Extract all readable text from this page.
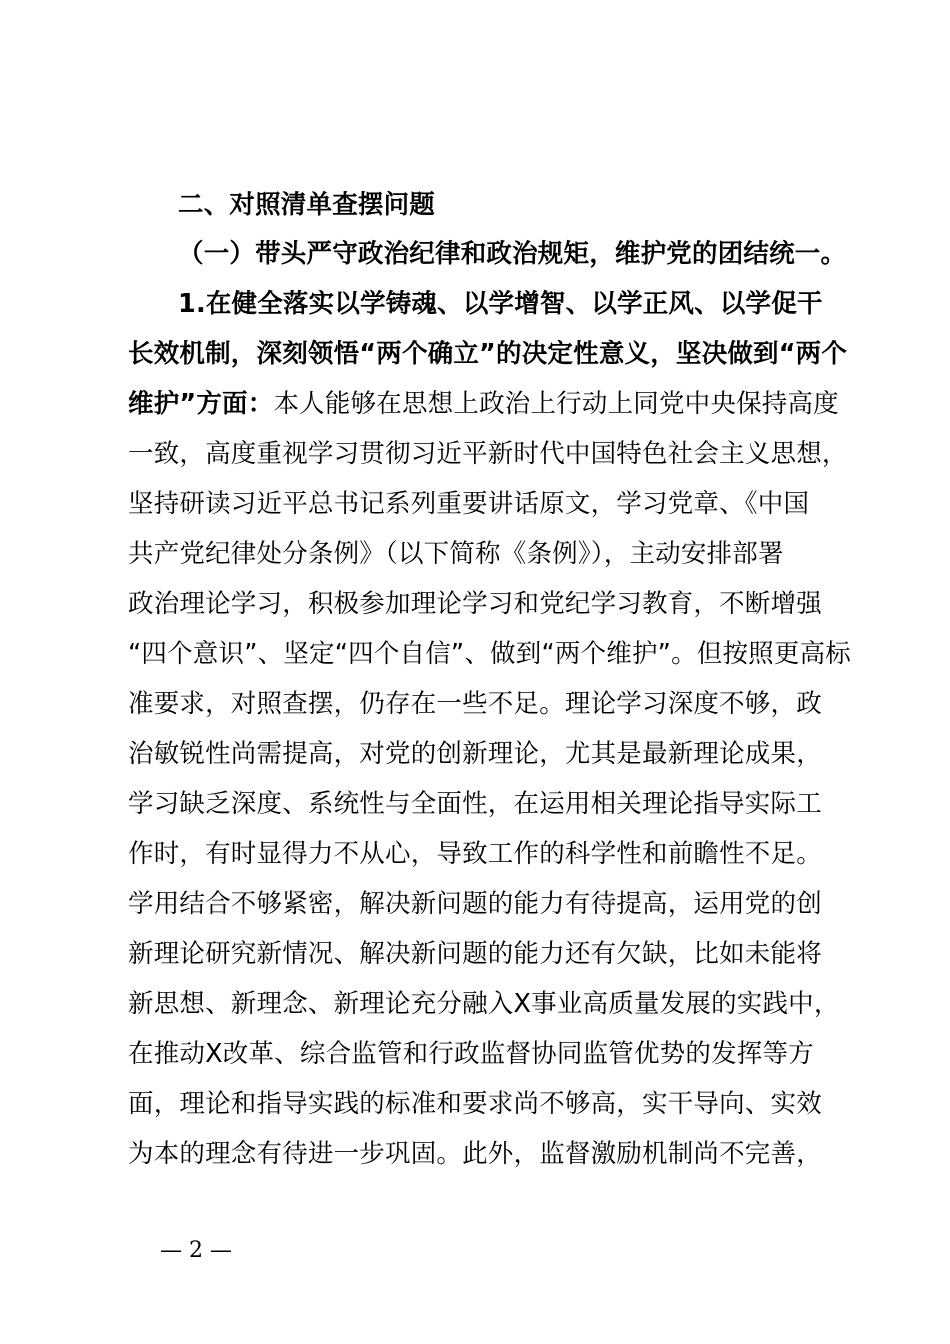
二、对照清单查摆问题
（一）带头严守政治纪律和政治规矩，维护党的团结统一。
1.在健全落实以学铸魂、以学增智、以学正风、以学促干
长效机制，深刻领悟“两个确立”的决定性意义，坚决做到“两个
维护”方面：本人能够在思想上政治上行动上同党中央保持高度
一致，高度重视学习贯彻习近平新时代中国特色社会主义思想，
坚持研读习近平总书记系列重要讲话原文，学习党章、《中国
共产党纪律处分条例》（以下简称《条例》），主动安排部署
政治理论学习，积极参加理论学习和党纪学习教育，不断增强
“四个意识”、坚定“四个自信”、做到“两个维护”。但按照更高标
准要求，对照查摆，仍存在一些不足。理论学习深度不够，政
治敏锐性尚需提高，对党的创新理论，尤其是最新理论成果，
学习缺乏深度、系统性与全面性，在运用相关理论指导实际工
作时，有时显得力不从心，导致工作的科学性和前瞻性不足。
学用结合不够紧密，解决新问题的能力有待提高，运用党的创
新理论研究新情况、解决新问题的能力还有欠缺，比如未能将
新思想、新理念、新理论充分融入X事业高质量发展的实践中，
在推动X改革、综合监管和行政监督协同监管优势的发挥等方
面，理论和指导实践的标准和要求尚不够高，实干导向、实效
为本的理念有待进一步巩固。此外，监督激励机制尚不完善，
— 2 —
